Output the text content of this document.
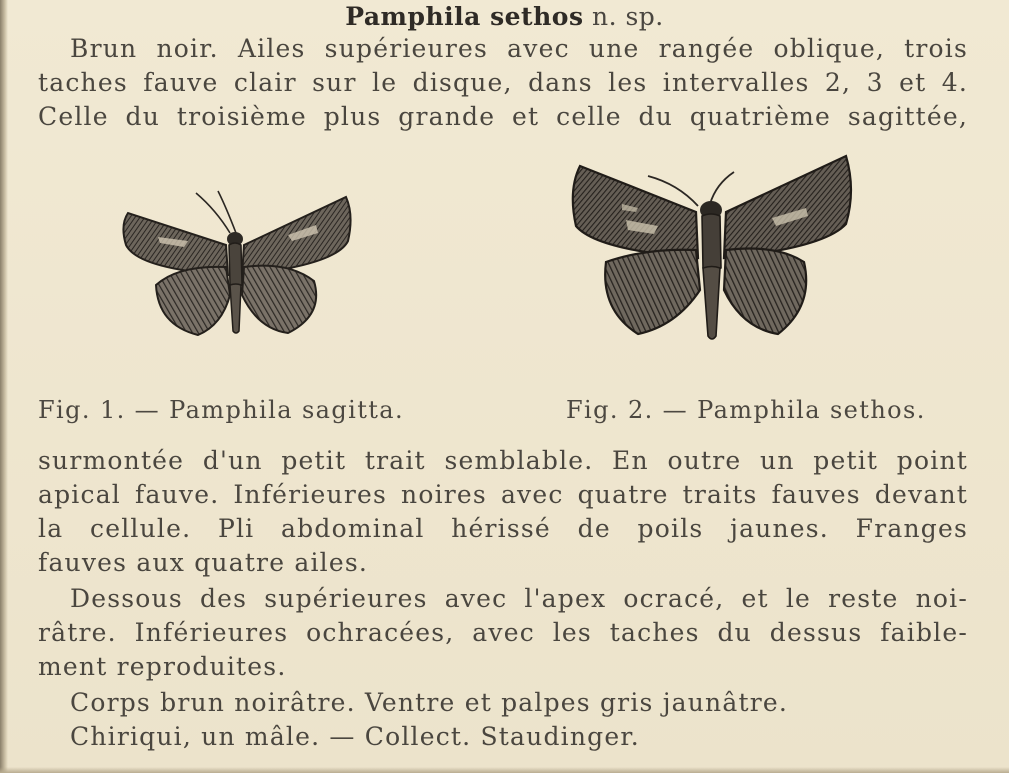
Pamphila sethos n. sp.
Brun noir. Ailes supérieures avec une rangée oblique, trois
taches fauve clair sur le disque, dans les intervalles 2, 3 et 4.
Celle du troisième plus grande et celle du quatrième sagittée,
Fig. 1. — Pamphila sagitta.	Fig. 2. — Pamphila sethos.
surmontée d'un petit trait semblable. En outre un petit point
apical fauve. Inférieures noires avec quatre traits fauves devant
la cellule. Pli abdominal hérissé de poils jaunes. Franges
fauves aux quatre ailes.
Dessous des supérieures avec l'apex ocracé, et le reste noi-
râtre. Inférieures ochracées, avec les taches du dessus faible-
ment reproduites.
Corps brun noirâtre. Ventre et palpes gris jaunâtre.
Chiriqui, un mâle. — Collect. Staudinger.
